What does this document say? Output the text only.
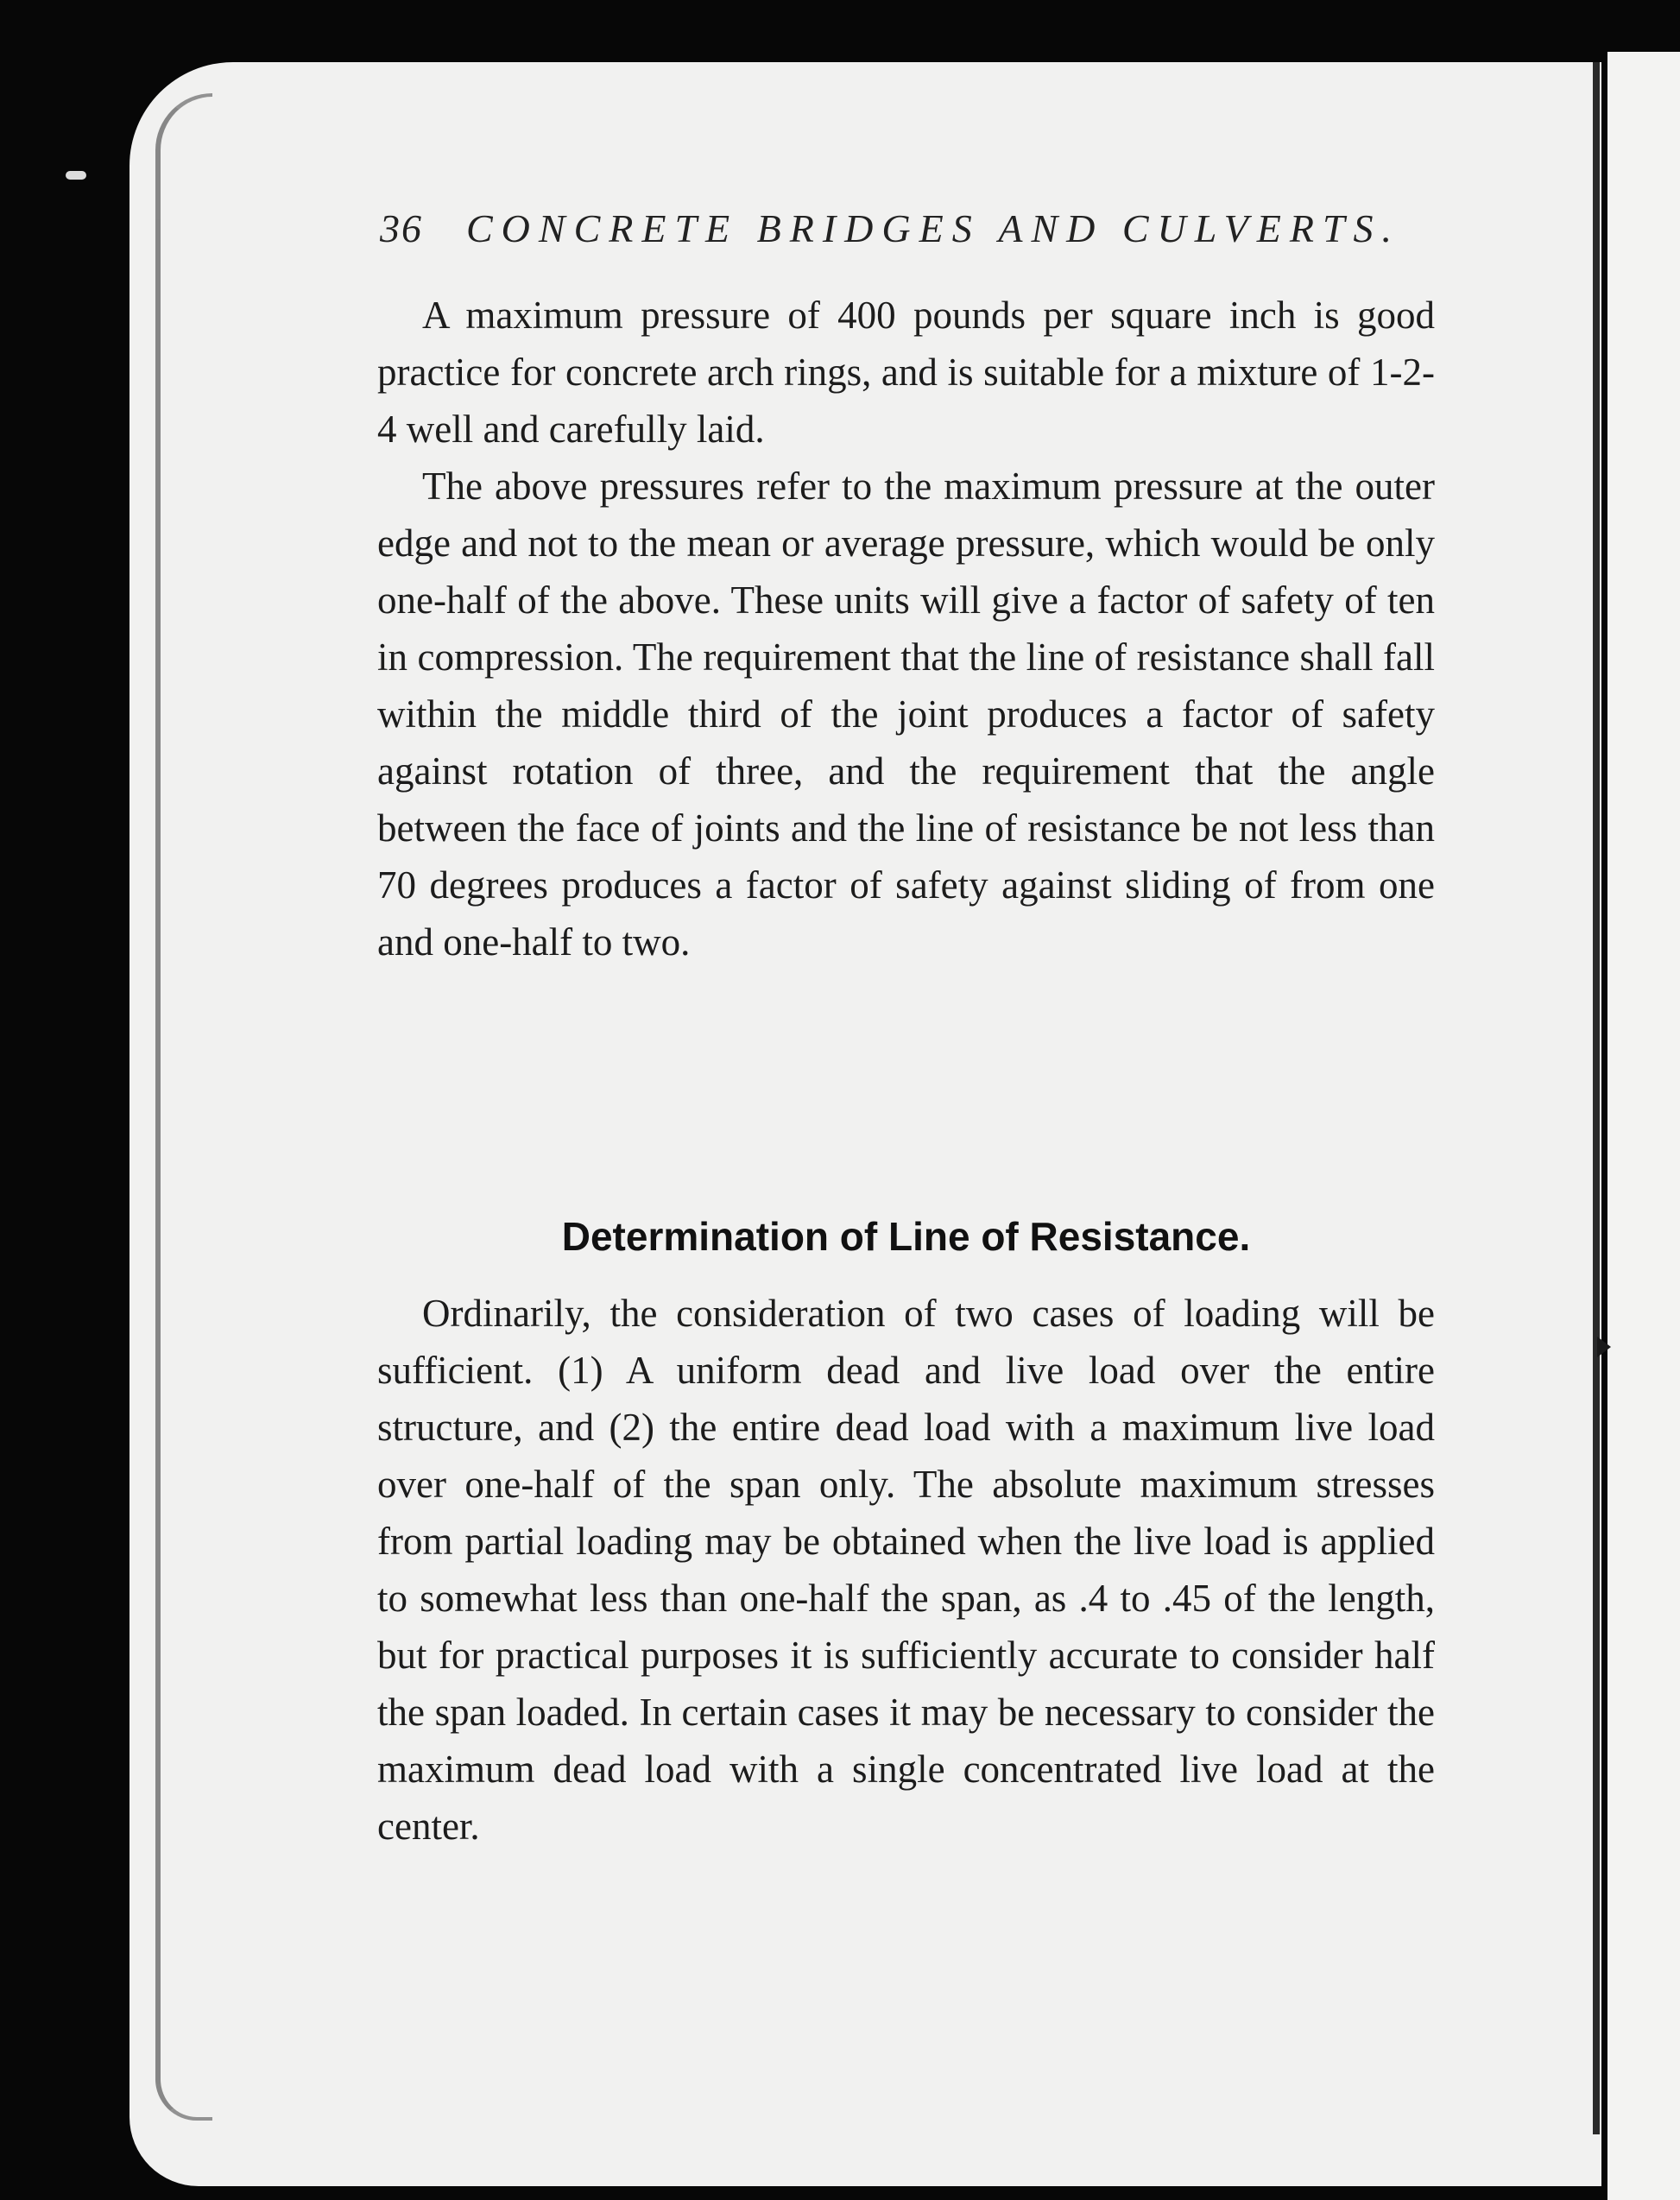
36 CONCRETE BRIDGES AND CULVERTS.

A maximum pressure of 400 pounds per square inch is good practice for concrete arch rings, and is suitable for a mixture of 1-2-4 well and carefully laid.

The above pressures refer to the maximum pressure at the outer edge and not to the mean or average pressure, which would be only one-half of the above. These units will give a factor of safety of ten in compression. The requirement that the line of resistance shall fall within the middle third of the joint produces a factor of safety against rotation of three, and the requirement that the angle between the face of joints and the line of resistance be not less than 70 degrees produces a factor of safety against sliding of from one and one-half to two.

Determination of Line of Resistance.

Ordinarily, the consideration of two cases of loading will be sufficient. (1) A uniform dead and live load over the entire structure, and (2) the entire dead load with a maximum live load over one-half of the span only. The absolute maximum stresses from partial loading may be obtained when the live load is applied to somewhat less than one-half the span, as .4 to .45 of the length, but for practical purposes it is sufficiently accurate to consider half the span loaded. In certain cases it may be necessary to consider the maximum dead load with a single concentrated live load at the center.
